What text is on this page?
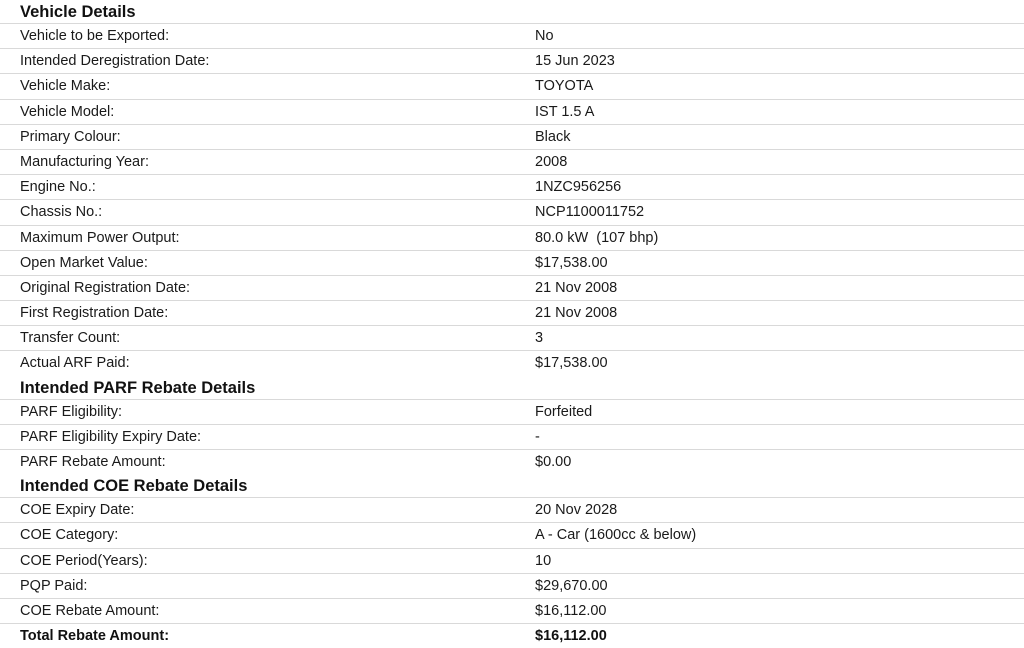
Vehicle Details
Vehicle to be Exported:	No
Intended Deregistration Date:	15 Jun 2023
Vehicle Make:	TOYOTA
Vehicle Model:	IST 1.5 A
Primary Colour:	Black
Manufacturing Year:	2008
Engine No.:	1NZC956256
Chassis No.:	NCP1100011752
Maximum Power Output:	80.0 kW  (107 bhp)
Open Market Value:	$17,538.00
Original Registration Date:	21 Nov 2008
First Registration Date:	21 Nov 2008
Transfer Count:	3
Actual ARF Paid:	$17,538.00
Intended PARF Rebate Details
PARF Eligibility:	Forfeited
PARF Eligibility Expiry Date:	-
PARF Rebate Amount:	$0.00
Intended COE Rebate Details
COE Expiry Date:	20 Nov 2028
COE Category:	A - Car (1600cc & below)
COE Period(Years):	10
PQP Paid:	$29,670.00
COE Rebate Amount:	$16,112.00
Total Rebate Amount:	$16,112.00
